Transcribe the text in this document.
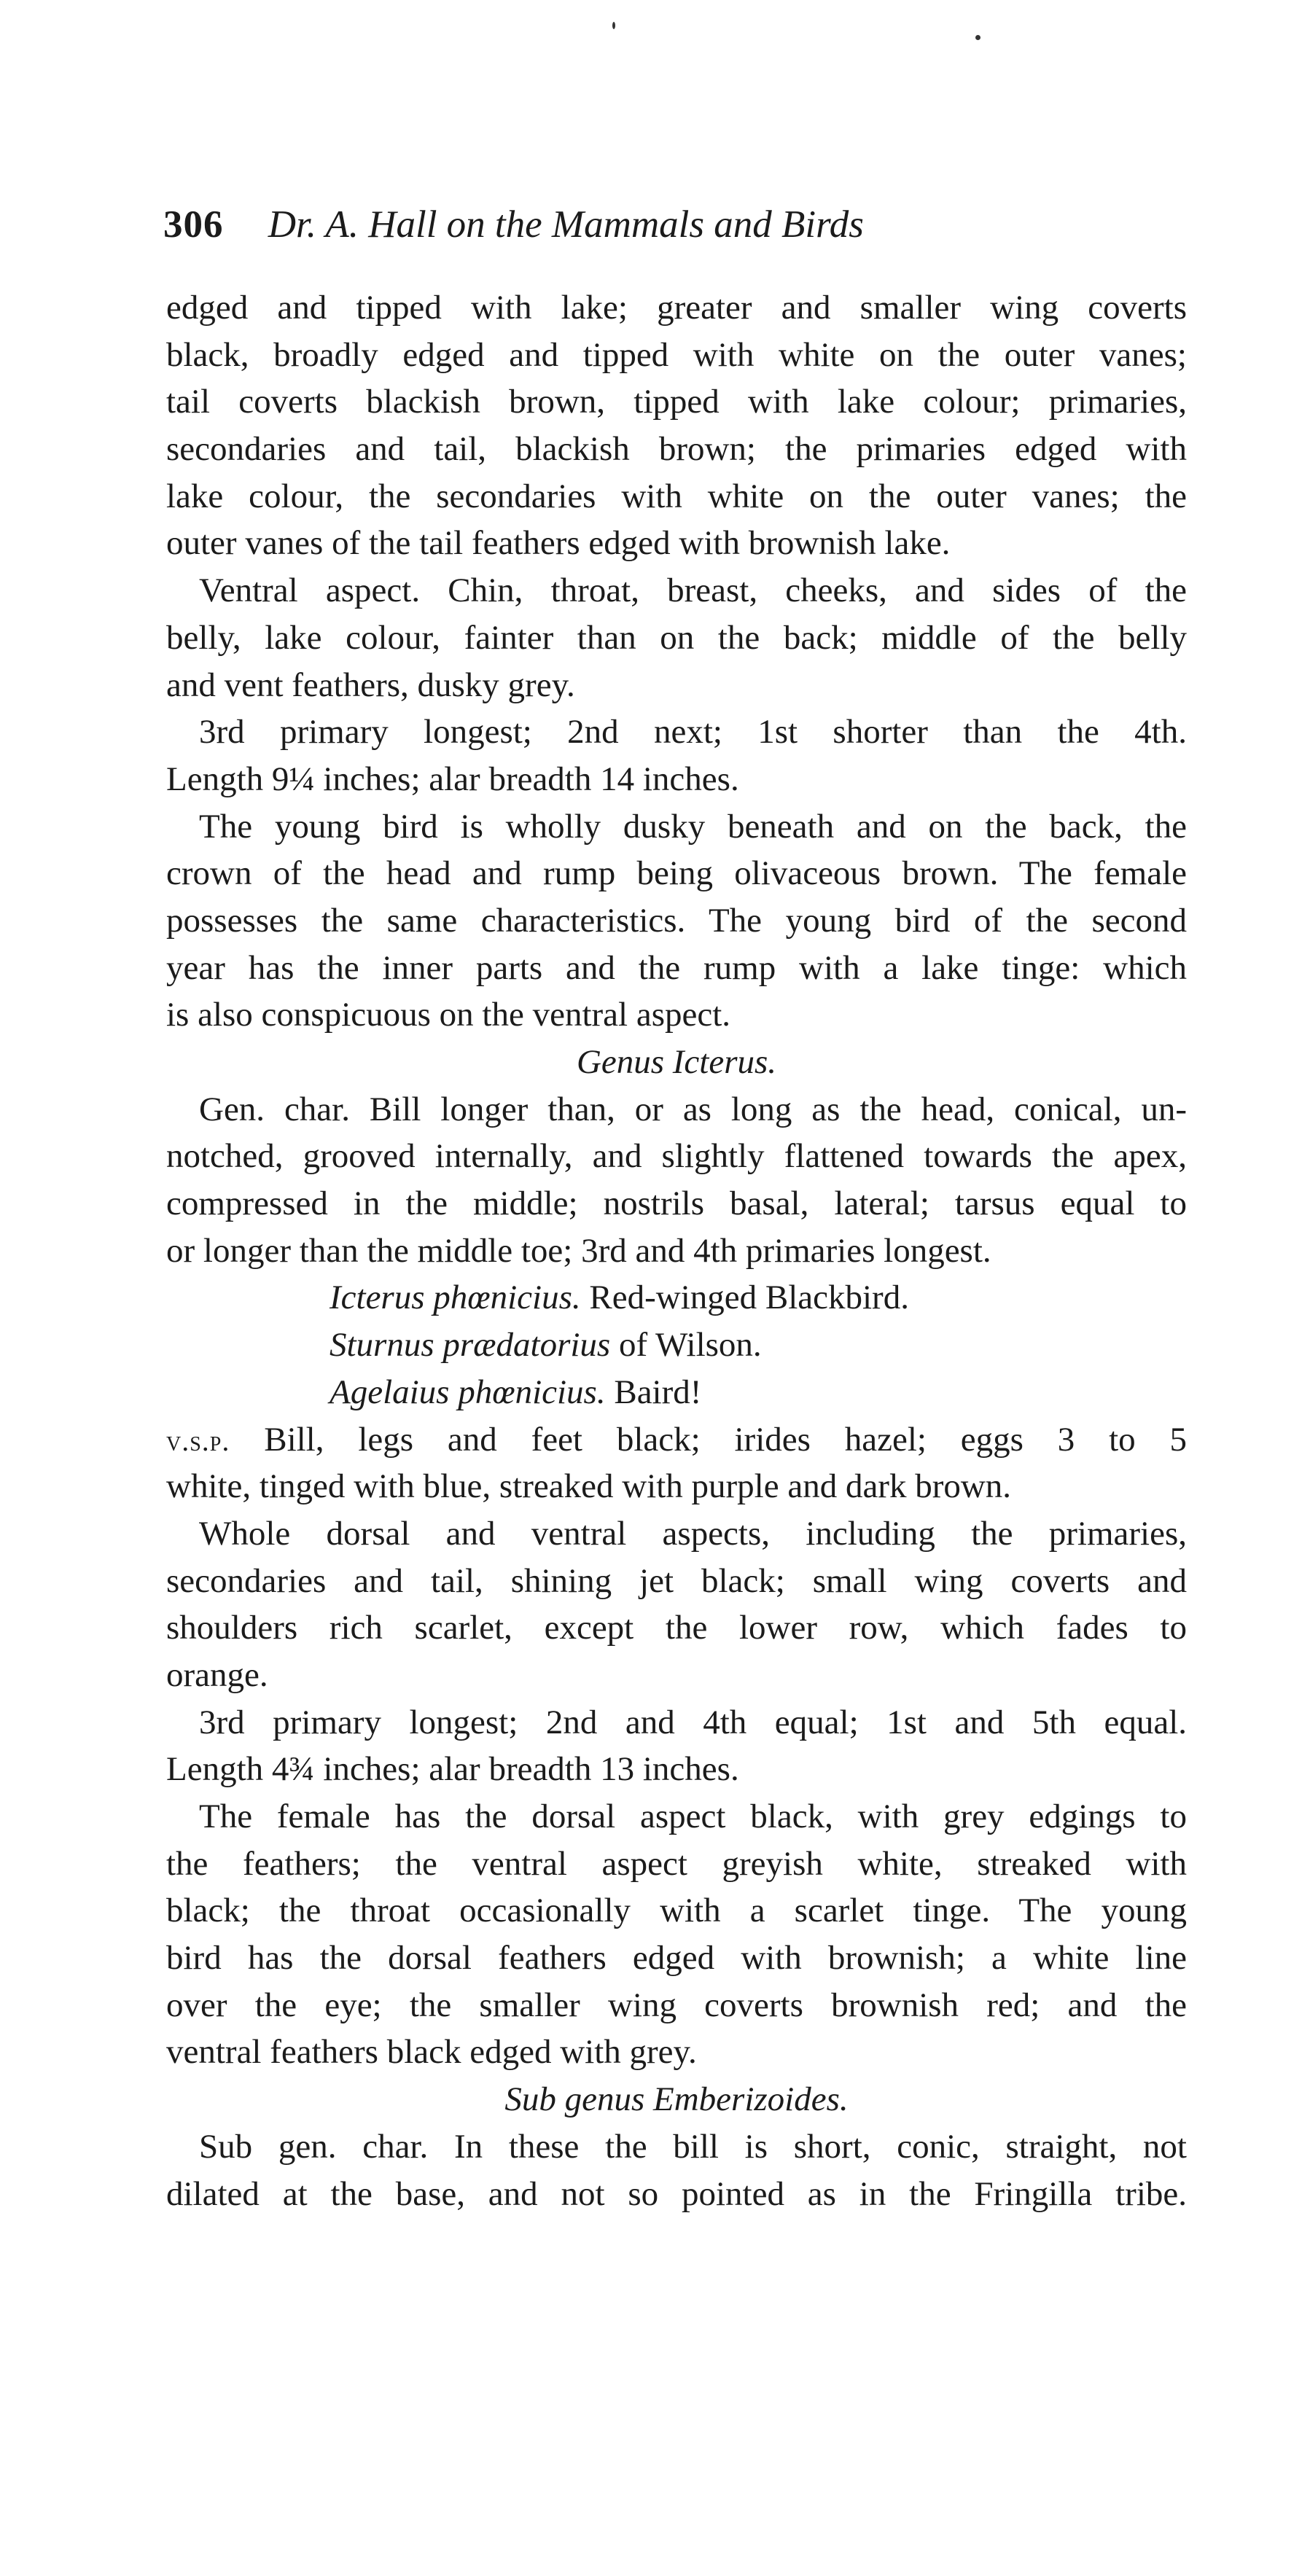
306 Dr. A. Hall on the Mammals and Birds

edged and tipped with lake; greater and smaller wing coverts
black, broadly edged and tipped with white on the outer vanes;
tail coverts blackish brown, tipped with lake colour; primaries,
secondaries and tail, blackish brown; the primaries edged with
lake colour, the secondaries with white on the outer vanes; the
outer vanes of the tail feathers edged with brownish lake.

Ventral aspect. Chin, throat, breast, cheeks, and sides of the
belly, lake colour, fainter than on the back; middle of the belly
and vent feathers, dusky grey.

3rd primary longest; 2nd next; 1st shorter than the 4th.
Length 9¼ inches; alar breadth 14 inches.

The young bird is wholly dusky beneath and on the back, the
crown of the head and rump being olivaceous brown. The female
possesses the same characteristics. The young bird of the second
year has the inner parts and the rump with a lake tinge: which
is also conspicuous on the ventral aspect.

Genus Icterus.

Gen. char. Bill longer than, or as long as the head, conical, un-
notched, grooved internally, and slightly flattened towards the apex,
compressed in the middle; nostrils basal, lateral; tarsus equal to
or longer than the middle toe; 3rd and 4th primaries longest.

Icterus phœnicius. Red-winged Blackbird.
Sturnus prædatorius of Wilson.
Agelaius phœnicius. Baird!

v.s.p. Bill, legs and feet black; irides hazel; eggs 3 to 5
white, tinged with blue, streaked with purple and dark brown.

Whole dorsal and ventral aspects, including the primaries,
secondaries and tail, shining jet black; small wing coverts and
shoulders rich scarlet, except the lower row, which fades to
orange.

3rd primary longest; 2nd and 4th equal; 1st and 5th equal.
Length 4¾ inches; alar breadth 13 inches.

The female has the dorsal aspect black, with grey edgings to
the feathers; the ventral aspect greyish white, streaked with
black; the throat occasionally with a scarlet tinge. The young
bird has the dorsal feathers edged with brownish; a white line
over the eye; the smaller wing coverts brownish red; and the
ventral feathers black edged with grey.

Sub genus Emberizoides.

Sub gen. char. In these the bill is short, conic, straight, not
dilated at the base, and not so pointed as in the Fringilla tribe.
